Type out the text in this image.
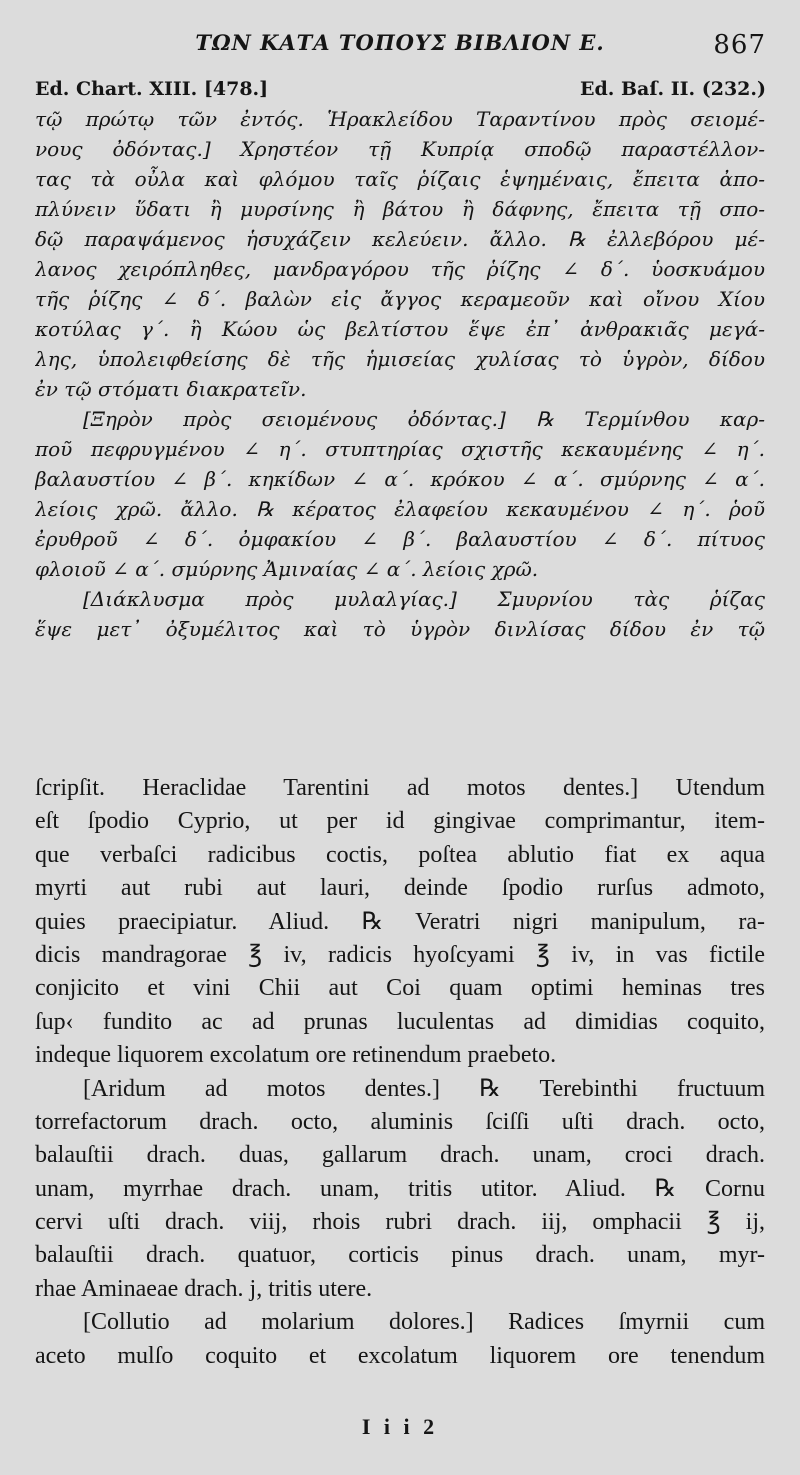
ΤΩΝ ΚΑΤΑ ΤΟΠΟΥΣ ΒΙΒΛΙΟΝ Ε.	867
Ed. Chart. XIII. [478.]	Ed. Baſ. II. (232.)
τῷ πρώτῳ τῶν ἐντός. Ἡρακλείδου Ταραντίνου πρὸς σειομέ-
νους ὀδόντας.] Χρηστέον τῇ Κυπρίᾳ σποδῷ παραστέλλον-
τας τὰ οὖλα καὶ φλόμου ταῖς ῥίζαις ἑψημέναις, ἔπειτα ἀπο-
πλύνειν ὕδατι ἢ μυρσίνης ἢ βάτου ἢ δάφνης, ἔπειτα τῇ σπο-
δῷ παραψάμενος ἡσυχάζειν κελεύειν. ἄλλο. ℞ ἐλλεβόρου μέ-
λανος χειρόπληθες, μανδραγόρου τῆς ῥίζης ∠ δ΄. ὑοσκυάμου
τῆς ῥίζης ∠ δ΄. βαλὼν εἰς ἄγγος κεραμεοῦν καὶ οἴνου Χίου
κοτύλας γ΄. ἢ Κώου ὡς βελτίστου ἕψε ἐπ᾽ ἀνθρακιᾶς μεγά-
λης, ὑπολειφθείσης δὲ τῆς ἡμισείας χυλίσας τὸ ὑγρὸν, δίδου
ἐν τῷ στόματι διακρατεῖν.
[Ξηρὸν πρὸς σειομένους ὀδόντας.] ℞ Τερμίνθου καρ-
ποῦ πεφρυγμένου ∠ η΄. στυπτηρίας σχιστῆς κεκαυμένης ∠ η΄.
βαλαυστίου ∠ β΄. κηκίδων ∠ α΄. κρόκου ∠ α΄. σμύρνης ∠ α΄.
λείοις χρῶ. ἄλλο. ℞ κέρατος ἐλαφείου κεκαυμένου ∠ η΄. ῥοῦ
ἐρυθροῦ ∠ δ΄. ὀμφακίου ∠ β΄. βαλαυστίου ∠ δ΄. πίτυος
φλοιοῦ ∠ α΄. σμύρνης Ἀμιναίας ∠ α΄. λείοις χρῶ.
[Διάκλυσμα πρὸς μυλαλγίας.] Σμυρνίου τὰς ῥίζας
ἕψε μετ᾽ ὀξυμέλιτος καὶ τὸ ὑγρὸν δινλίσας δίδου ἐν τῷ
ſcripſit. Heraclidae Tarentini ad motos dentes.] Utendum
eſt ſpodio Cyprio, ut per id gingivae comprimantur, item-
que verbaſci radicibus coctis, poſtea ablutio fiat ex aqua
myrti aut rubi aut lauri, deinde ſpodio rurſus admoto,
quies praecipiatur. Aliud. ℞ Veratri nigri manipulum, ra-
dicis mandragorae ℥ iv, radicis hyoſcyami ℥ iv, in vas fictile
conjicito et vini Chii aut Coi quam optimi heminas tres
ſup‹ fundito ac ad prunas luculentas ad dimidias coquito,
indeque liquorem excolatum ore retinendum praebeto.
[Aridum ad motos dentes.] ℞ Terebinthi fructuum
torrefactorum drach. octo, aluminis ſciſſi uſti drach. octo,
balauſtii drach. duas, gallarum drach. unam, croci drach.
unam, myrrhae drach. unam, tritis utitor. Aliud. ℞ Cornu
cervi uſti drach. viij, rhois rubri drach. iij, omphacii ℥ ij,
balauſtii drach. quatuor, corticis pinus drach. unam, myr-
rhae Aminaeae drach. j, tritis utere.
[Collutio ad molarium dolores.] Radices ſmyrnii cum
aceto mulſo coquito et excolatum liquorem ore tenendum
I i i 2
